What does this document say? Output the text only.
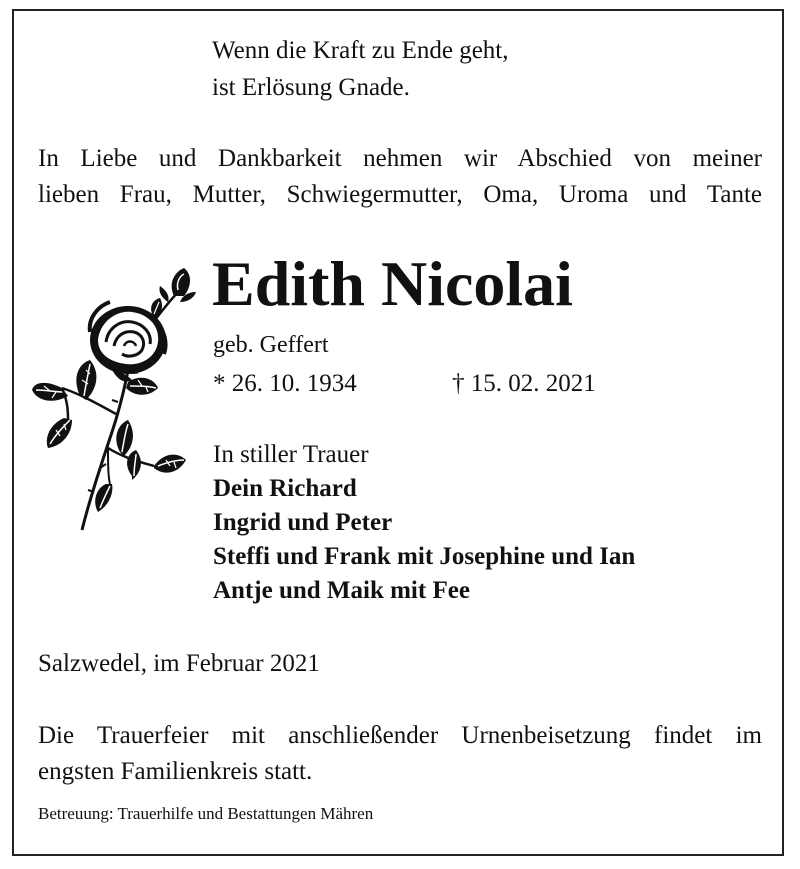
Wenn die Kraft zu Ende geht,
ist Erlösung Gnade.
In Liebe und Dankbarkeit nehmen wir Abschied von meiner
lieben Frau, Mutter, Schwiegermutter, Oma, Uroma und Tante
Edith Nicolai
geb. Geffert
* 26. 10. 1934	† 15. 02. 2021
In stiller Trauer
Dein Richard
Ingrid und Peter
Steffi und Frank mit Josephine und Ian
Antje und Maik mit Fee
Salzwedel, im Februar 2021
Die Trauerfeier mit anschließender Urnenbeisetzung findet im
engsten Familienkreis statt.
Betreuung: Trauerhilfe und Bestattungen Mähren
